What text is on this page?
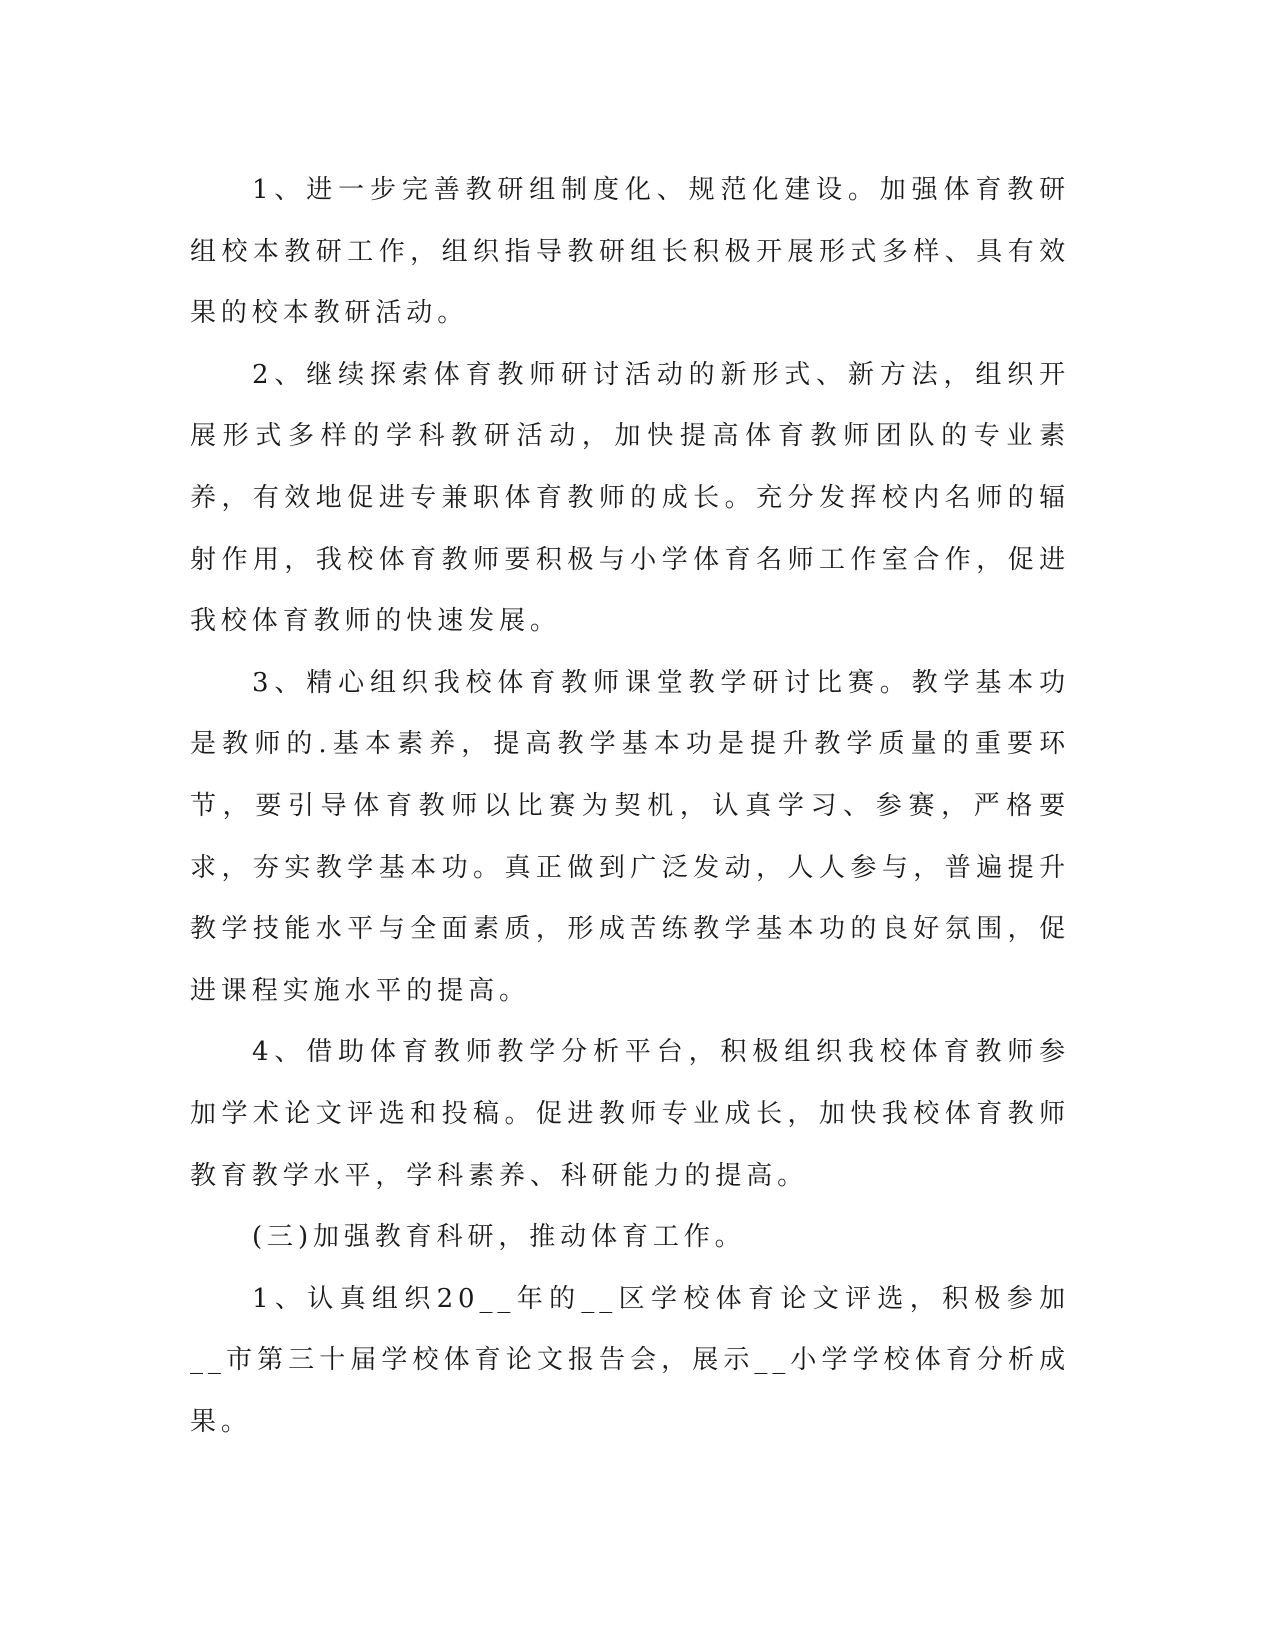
1、进一步完善教研组制度化、规范化建设。加强体育教研组校本教研工作，组织指导教研组长积极开展形式多样、具有效果的校本教研活动。

2、继续探索体育教师研讨活动的新形式、新方法，组织开展形式多样的学科教研活动，加快提高体育教师团队的专业素养，有效地促进专兼职体育教师的成长。充分发挥校内名师的辐射作用，我校体育教师要积极与小学体育名师工作室合作，促进我校体育教师的快速发展。

3、精心组织我校体育教师课堂教学研讨比赛。教学基本功是教师的.基本素养，提高教学基本功是提升教学质量的重要环节，要引导体育教师以比赛为契机，认真学习、参赛，严格要求，夯实教学基本功。真正做到广泛发动，人人参与，普遍提升教学技能水平与全面素质，形成苦练教学基本功的良好氛围，促进课程实施水平的提高。

4、借助体育教师教学分析平台，积极组织我校体育教师参加学术论文评选和投稿。促进教师专业成长，加快我校体育教师教育教学水平，学科素养、科研能力的提高。

(三)加强教育科研，推动体育工作。

1、认真组织20__年的__区学校体育论文评选，积极参加__市第三十届学校体育论文报告会，展示__小学学校体育分析成果。
